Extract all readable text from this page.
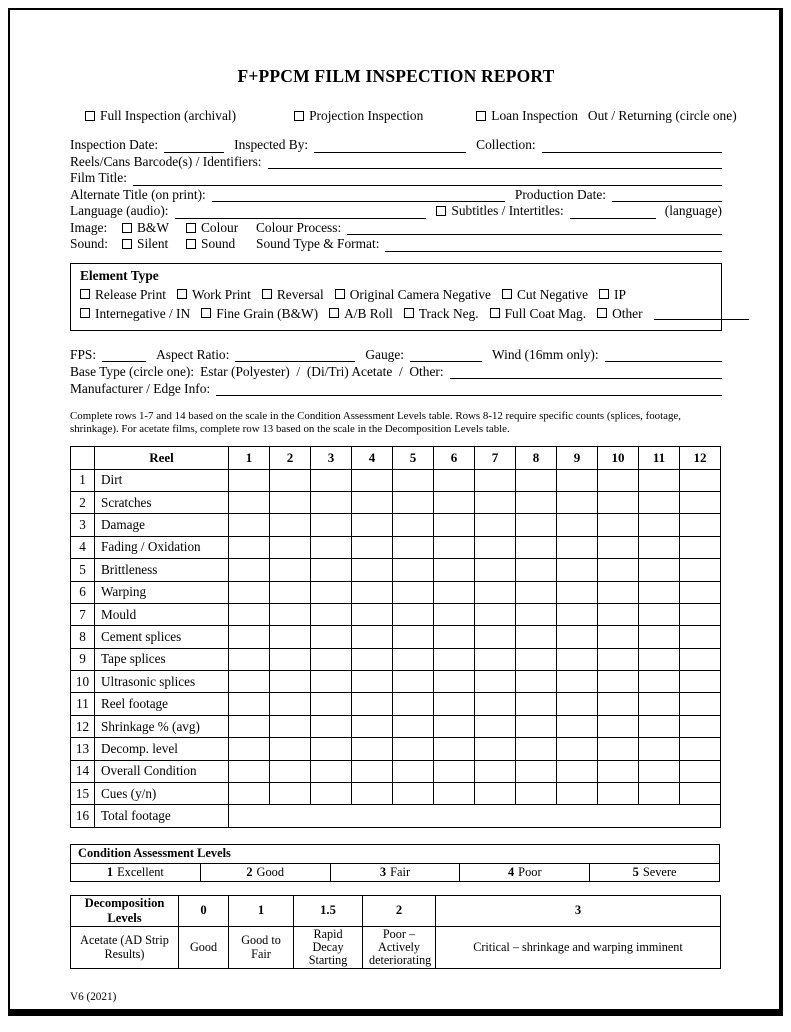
F+PPCM FILM INSPECTION REPORT
Full Inspection (archival)	Projection Inspection	Loan Inspection Out / Returning (circle one)
Inspection Date:	Inspected By:	Collection:
Reels/Cans Barcode(s) / Identifiers:
Film Title:
Alternate Title (on print):	Production Date:
Language (audio):	Subtitles / Intertitles:	(language)
Image:	B&W Colour Colour Process:
Sound:	Silent Sound Sound Type & Format:
Element Type
Release Print Work Print Reversal Original Camera Negative Cut Negative IP
Internegative / IN Fine Grain (B&W) A/B Roll Track Neg. Full Coat Mag. Other
FPS:	Aspect Ratio:	Gauge:	Wind (16mm only):
Base Type (circle one): Estar (Polyester)  /  (Di/Tri) Acetate  /  Other:
Manufacturer / Edge Info:
Complete rows 1-7 and 14 based on the scale in the Condition Assessment Levels table. Rows 8-12 require specific counts (splices, footage, shrinkage). For acetate films, complete row 13 based on the scale in the Decomposition Levels table.
	Reel	1	2	3	4	5	6	7	8	9	10	11	12
1	Dirt												
2	Scratches												
3	Damage												
4	Fading / Oxidation												
5	Brittleness												
6	Warping												
7	Mould												
8	Cement splices												
9	Tape splices												
10	Ultrasonic splices												
11	Reel footage												
12	Shrinkage % (avg)												
13	Decomp. level												
14	Overall Condition												
15	Cues (y/n)												
16	Total footage												
Condition Assessment Levels
1 Excellent	2 Good	3 Fair	4 Poor	5 Severe
Decomposition Levels	0	1	1.5	2	3
Acetate (AD Strip Results)	Good	Good to Fair	Rapid Decay Starting	Poor – Actively deteriorating	Critical – shrinkage and warping imminent
V6 (2021)
